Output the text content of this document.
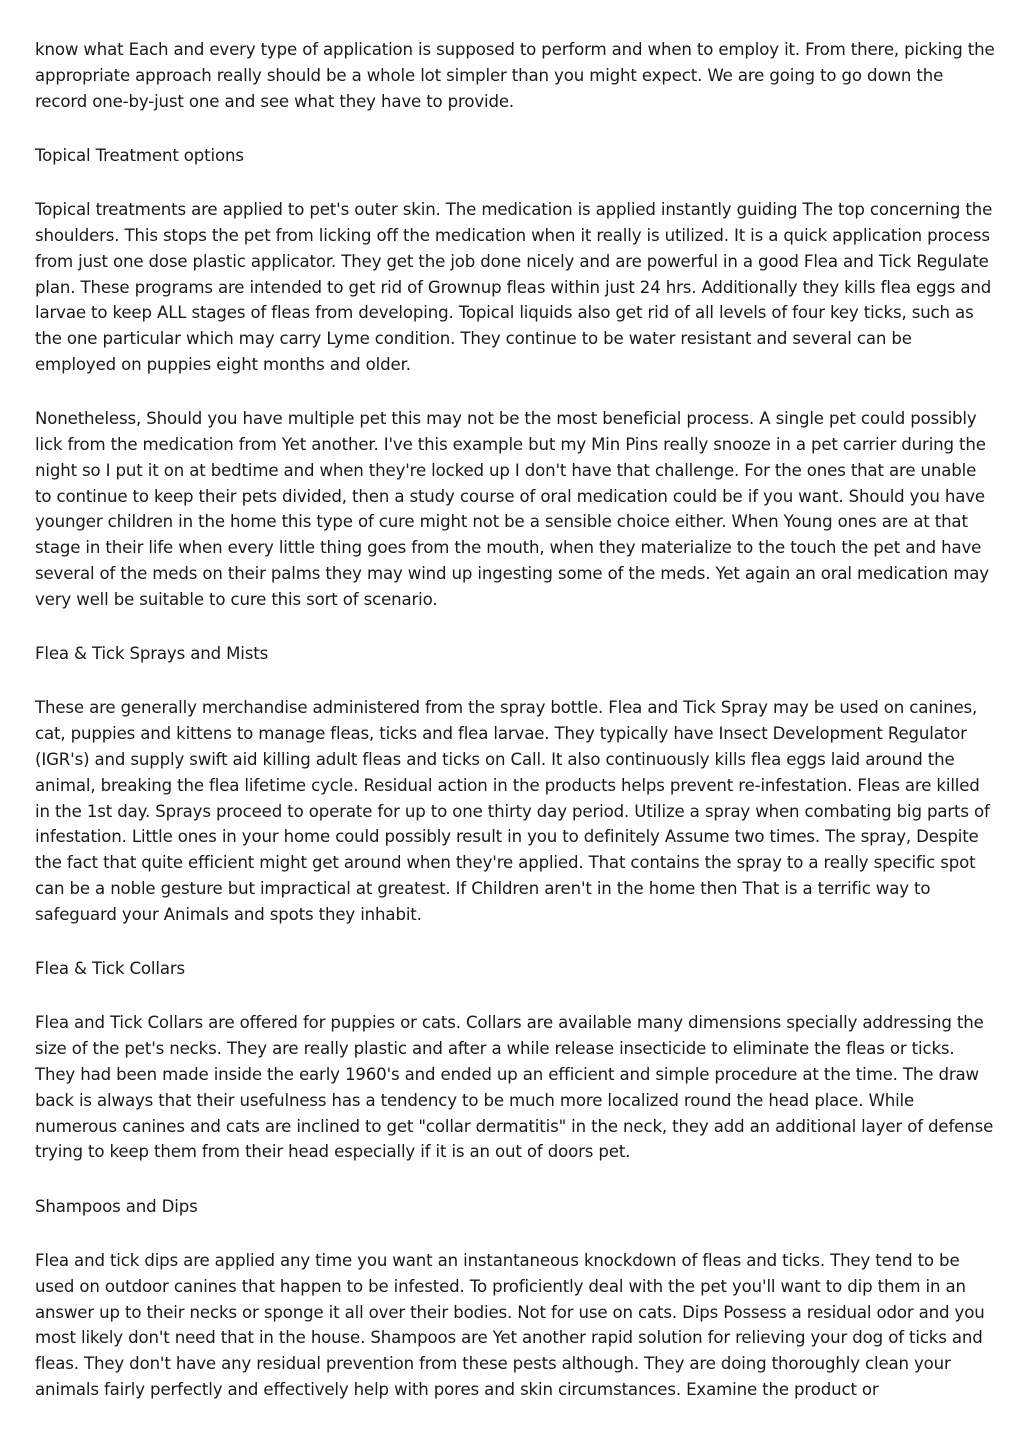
know what Each and every type of application is supposed to perform and when to employ it. From there, picking the appropriate approach really should be a whole lot simpler than you might expect. We are going to go down the record one-by-just one and see what they have to provide.

Topical Treatment options

Topical treatments are applied to pet's outer skin. The medication is applied instantly guiding The top concerning the shoulders. This stops the pet from licking off the medication when it really is utilized. It is a quick application process from just one dose plastic applicator. They get the job done nicely and are powerful in a good Flea and Tick Regulate plan. These programs are intended to get rid of Grownup fleas within just 24 hrs. Additionally they kills flea eggs and larvae to keep ALL stages of fleas from developing. Topical liquids also get rid of all levels of four key ticks, such as the one particular which may carry Lyme condition. They continue to be water resistant and several can be employed on puppies eight months and older.

Nonetheless, Should you have multiple pet this may not be the most beneficial process. A single pet could possibly lick from the medication from Yet another. I've this example but my Min Pins really snooze in a pet carrier during the night so I put it on at bedtime and when they're locked up I don't have that challenge. For the ones that are unable to continue to keep their pets divided, then a study course of oral medication could be if you want. Should you have younger children in the home this type of cure might not be a sensible choice either. When Young ones are at that stage in their life when every little thing goes from the mouth, when they materialize to the touch the pet and have several of the meds on their palms they may wind up ingesting some of the meds. Yet again an oral medication may very well be suitable to cure this sort of scenario.

Flea & Tick Sprays and Mists

These are generally merchandise administered from the spray bottle. Flea and Tick Spray may be used on canines, cat, puppies and kittens to manage fleas, ticks and flea larvae. They typically have Insect Development Regulator (IGR's) and supply swift aid killing adult fleas and ticks on Call. It also continuously kills flea eggs laid around the animal, breaking the flea lifetime cycle. Residual action in the products helps prevent re-infestation. Fleas are killed in the 1st day. Sprays proceed to operate for up to one thirty day period. Utilize a spray when combating big parts of infestation. Little ones in your home could possibly result in you to definitely Assume two times. The spray, Despite the fact that quite efficient might get around when they're applied. That contains the spray to a really specific spot can be a noble gesture but impractical at greatest. If Children aren't in the home then That is a terrific way to safeguard your Animals and spots they inhabit.

Flea & Tick Collars

Flea and Tick Collars are offered for puppies or cats. Collars are available many dimensions specially addressing the size of the pet's necks. They are really plastic and after a while release insecticide to eliminate the fleas or ticks. They had been made inside the early 1960's and ended up an efficient and simple procedure at the time. The draw back is always that their usefulness has a tendency to be much more localized round the head place. While numerous canines and cats are inclined to get "collar dermatitis" in the neck, they add an additional layer of defense trying to keep them from their head especially if it is an out of doors pet.

Shampoos and Dips

Flea and tick dips are applied any time you want an instantaneous knockdown of fleas and ticks. They tend to be used on outdoor canines that happen to be infested. To proficiently deal with the pet you'll want to dip them in an answer up to their necks or sponge it all over their bodies. Not for use on cats. Dips Possess a residual odor and you most likely don't need that in the house. Shampoos are Yet another rapid solution for relieving your dog of ticks and fleas. They don't have any residual prevention from these pests although. They are doing thoroughly clean your animals fairly perfectly and effectively help with pores and skin circumstances. Examine the product or
